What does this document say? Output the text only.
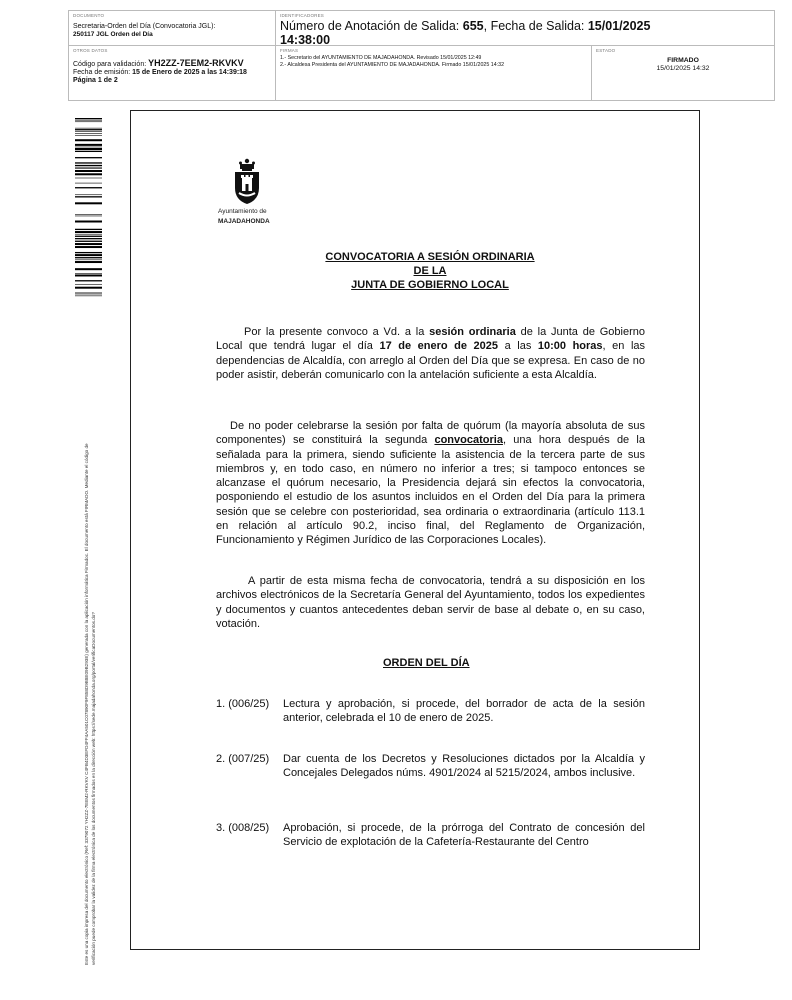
DOCUMENTO
Secretaria-Orden del Día (Convocatoria JGL):
250117 JGL Orden del Día
IDENTIFICADORES
Número de Anotación de Salida: 655, Fecha de Salida: 15/01/2025
14:38:00
OTROS DATOS
Código para validación: YH2ZZ-7EEM2-RKVKV
Fecha de emisión: 15 de Enero de 2025 a las 14:39:18
Página 1 de 2
FIRMAS
1.- Secretario del AYUNTAMIENTO DE MAJADAHONDA. Revisado 15/01/2025 12:49
2.- Alcaldesa Presidenta del AYUNTAMIENTO DE MAJADAHONDA. Firmado 15/01/2025 14:32
ESTADO
FIRMADO
15/01/2025 14:32
Este es una copia impresa del documento electrónico (Ref: 3379072 YH2ZZ-7EEM2-RKVKV C4FB4D3EFD4FF4AA501C07890F9F858D9B8E09B293E) generada con la aplicación informática Firmadoc. El documento está FIRMADO. Mediante el código de verificación puede comprobar la validez de la firma electrónica de los documentos firmados en la dirección web: https://sede.majadahonda.org/portal/verificaDocumentos.do?
Ayuntamiento de
MAJADAHONDA
CONVOCATORIA A SESIÓN ORDINARIA
DE LA
JUNTA DE GOBIERNO LOCAL

Por la presente convoco a Vd. a la sesión ordinaria de la Junta de Gobierno Local que tendrá lugar el día 17 de enero de 2025 a las 10:00 horas, en las dependencias de Alcaldía, con arreglo al Orden del Día que se expresa. En caso de no poder asistir, deberán comunicarlo con la antelación suficiente a esta Alcaldía.

De no poder celebrarse la sesión por falta de quórum (la mayoría absoluta de sus componentes) se constituirá la segunda convocatoria, una hora después de la señalada para la primera, siendo suficiente la asistencia de la tercera parte de sus miembros y, en todo caso, en número no inferior a tres; si tampoco entonces se alcanzase el quórum necesario, la Presidencia dejará sin efectos la convocatoria, posponiendo el estudio de los asuntos incluidos en el Orden del Día para la primera sesión que se celebre con posterioridad, sea ordinaria o extraordinaria (artículo 113.1 en relación al artículo 90.2, inciso final, del Reglamento de Organización, Funcionamiento y Régimen Jurídico de las Corporaciones Locales).

A partir de esta misma fecha de convocatoria, tendrá a su disposición en los archivos electrónicos de la Secretaría General del Ayuntamiento, todos los expedientes y documentos y cuantos antecedentes deban servir de base al debate o, en su caso, votación.

ORDEN DEL DÍA
1. (006/25) Lectura y aprobación, si procede, del borrador de acta de la sesión anterior, celebrada el 10 de enero de 2025.
2. (007/25) Dar cuenta de los Decretos y Resoluciones dictados por la Alcaldía y Concejales Delegados núms. 4901/2024 al 5215/2024, ambos inclusive.
3. (008/25) Aprobación, si procede, de la prórroga del Contrato de concesión del Servicio de explotación de la Cafetería-Restaurante del Centro
